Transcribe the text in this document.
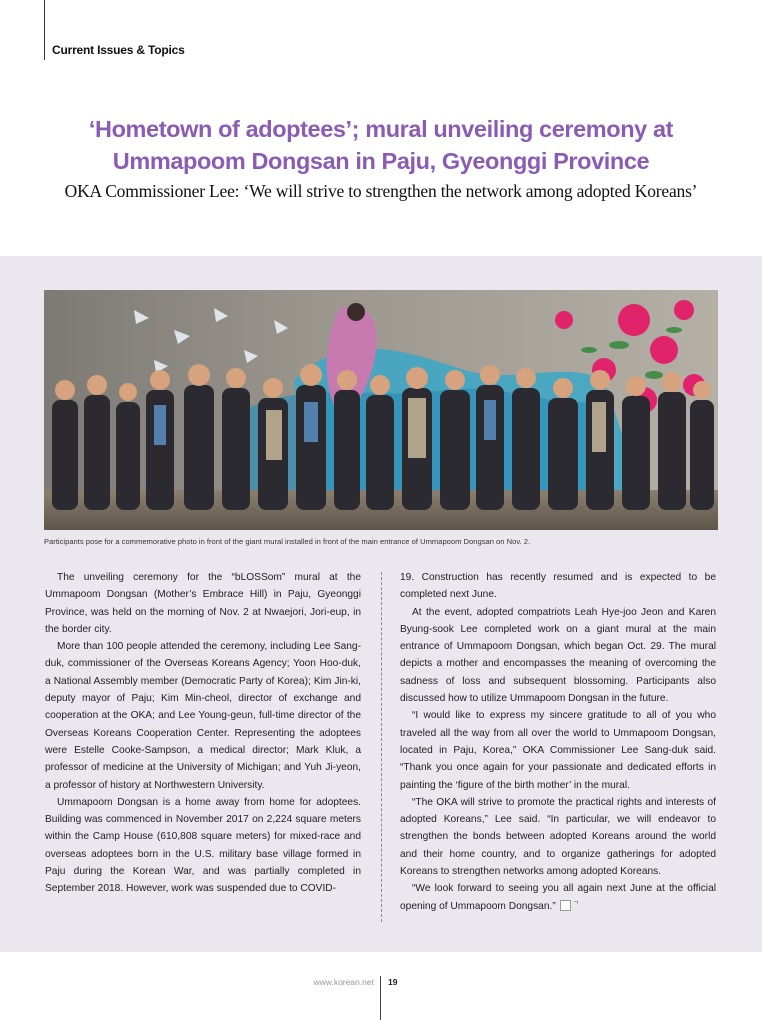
Current Issues & Topics
‘Hometown of adoptees’; mural unveiling ceremony at
Ummapoom Dongsan in Paju, Gyeonggi Province
OKA Commissioner Lee: ‘We will strive to strengthen the network among adopted Koreans’
Participants pose for a commemorative photo in front of the giant mural installed in front of the main entrance of Ummapoom Dongsan on Nov. 2.

The unveiling ceremony for the “bLOSSom” mural at the Ummapoom Dongsan (Mother’s Embrace Hill) in Paju, Gyeonggi Province, was held on the morning of Nov. 2 at Nwaejori, Jori-eup, in the border city.

More than 100 people attended the ceremony, including Lee Sang-duk, commissioner of the Overseas Koreans Agency; Yoon Hoo-duk, a National Assembly member (Democratic Party of Korea); Kim Jin-ki, deputy mayor of Paju; Kim Min-cheol, director of exchange and cooperation at the OKA; and Lee Young-geun, full-time director of the Overseas Koreans Cooperation Center. Representing the adoptees were Estelle Cooke-Sampson, a medical director; Mark Kluk, a professor of medicine at the University of Michigan; and Yuh Ji-yeon, a professor of history at Northwestern University.

Ummapoom Dongsan is a home away from home for adoptees. Building was commenced in November 2017 on 2,224 square meters within the Camp House (610,808 square meters) for mixed-race and overseas adoptees born in the U.S. military base village formed in Paju during the Korean War, and was partially completed in September 2018. However, work was suspended due to COVID-

19. Construction has recently resumed and is expected to be completed next June.

At the event, adopted compatriots Leah Hye-joo Jeon and Karen Byung-sook Lee completed work on a giant mural at the main entrance of Ummapoom Dongsan, which began Oct. 29. The mural depicts a mother and encompasses the meaning of overcoming the sadness of loss and subsequent blossoming. Participants also discussed how to utilize Ummapoom Dongsan in the future.

“I would like to express my sincere gratitude to all of you who traveled all the way from all over the world to Ummapoom Dongsan, located in Paju, Korea,” OKA Commissioner Lee Sang-duk said. “Thank you once again for your passionate and dedicated efforts in painting the ‘figure of the birth mother’ in the mural.

“The OKA will strive to promote the practical rights and interests of adopted Koreans,” Lee said. “In particular, we will endeavor to strengthen the bonds between adopted Koreans around the world and their home country, and to organize gatherings for adopted Koreans to strengthen networks among adopted Koreans.

“We look forward to seeing you all again next June at the official opening of Ummapoom Dongsan.” ᄀ

www.korean.net 19
